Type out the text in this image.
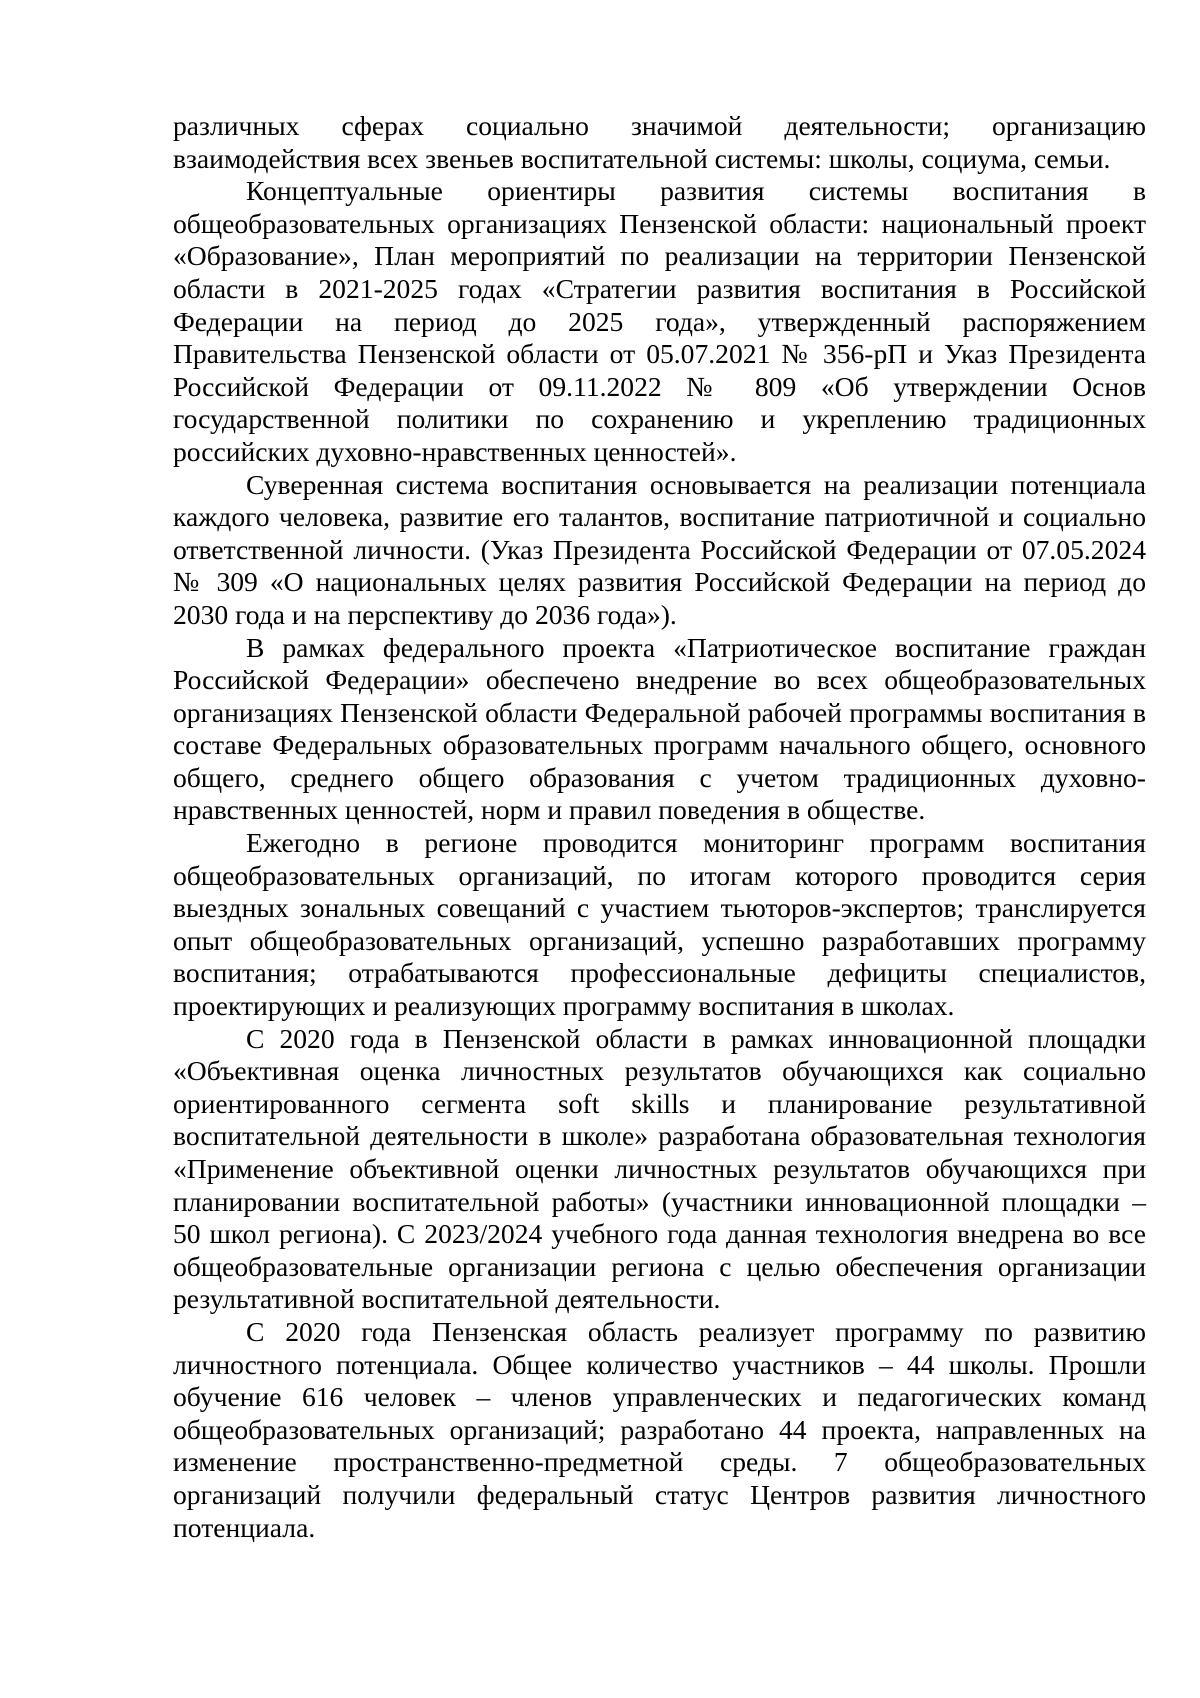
различных сферах социально значимой деятельности; организацию взаимодействия всех звеньев воспитательной системы: школы, социума, семьи.

Концептуальные ориентиры развития системы воспитания в общеобразовательных организациях Пензенской области: национальный проект «Образование», План мероприятий по реализации на территории Пензенской области в 2021-2025 годах «Стратегии развития воспитания в Российской Федерации на период до 2025 года», утвержденный распоряжением Правительства Пензенской области от 05.07.2021 № 356-рП и Указ Президента Российской Федерации от 09.11.2022 № 809 «Об утверждении Основ государственной политики по сохранению и укреплению традиционных российских духовно-нравственных ценностей».

Суверенная система воспитания основывается на реализации потенциала каждого человека, развитие его талантов, воспитание патриотичной и социально ответственной личности. (Указ Президента Российской Федерации от 07.05.2024 № 309 «О национальных целях развития Российской Федерации на период до 2030 года и на перспективу до 2036 года»).

В рамках федерального проекта «Патриотическое воспитание граждан Российской Федерации» обеспечено внедрение во всех общеобразовательных организациях Пензенской области Федеральной рабочей программы воспитания в составе Федеральных образовательных программ начального общего, основного общего, среднего общего образования с учетом традиционных духовно-нравственных ценностей, норм и правил поведения в обществе.

Ежегодно в регионе проводится мониторинг программ воспитания общеобразовательных организаций, по итогам которого проводится серия выездных зональных совещаний с участием тьюторов-экспертов; транслируется опыт общеобразовательных организаций, успешно разработавших программу воспитания; отрабатываются профессиональные дефициты специалистов, проектирующих и реализующих программу воспитания в школах.

С 2020 года в Пензенской области в рамках инновационной площадки «Объективная оценка личностных результатов обучающихся как социально ориентированного сегмента soft skills и планирование результативной воспитательной деятельности в школе» разработана образовательная технология «Применение объективной оценки личностных результатов обучающихся при планировании воспитательной работы» (участники инновационной площадки – 50 школ региона). С 2023/2024 учебного года данная технология внедрена во все общеобразовательные организации региона с целью обеспечения организации результативной воспитательной деятельности.

С 2020 года Пензенская область реализует программу по развитию личностного потенциала. Общее количество участников – 44 школы. Прошли обучение 616 человек – членов управленческих и педагогических команд общеобразовательных организаций; разработано 44 проекта, направленных на изменение пространственно-предметной среды. 7 общеобразовательных организаций получили федеральный статус Центров развития личностного потенциала.
